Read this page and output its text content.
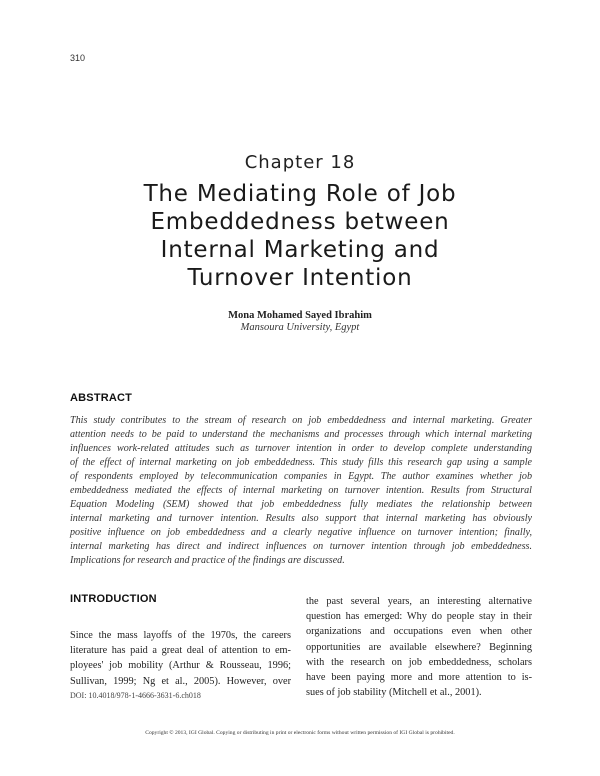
310
Chapter 18
The Mediating Role of Job
Embeddedness between
Internal Marketing and
Turnover Intention
Mona Mohamed Sayed Ibrahim
Mansoura University, Egypt
ABSTRACT
This study contributes to the stream of research on job embeddedness and internal marketing. Greater
attention needs to be paid to understand the mechanisms and processes through which internal marketing
influences work-related attitudes such as turnover intention in order to develop complete understanding
of the effect of internal marketing on job embeddedness. This study fills this research gap using a sample
of respondents employed by telecommunication companies in Egypt. The author examines whether job
embeddedness mediated the effects of internal marketing on turnover intention. Results from Structural
Equation Modeling (SEM) showed that job embeddedness fully mediates the relationship between
internal marketing and turnover intention. Results also support that internal marketing has obviously
positive influence on job embeddedness and a clearly negative influence on turnover intention; finally,
internal marketing has direct and indirect influences on turnover intention through job embeddedness.
Implications for research and practice of the findings are discussed.
INTRODUCTION
Since the mass layoffs of the 1970s, the careers
literature has paid a great deal of attention to em-
ployees' job mobility (Arthur & Rousseau, 1996;
Sullivan, 1999; Ng et al., 2005). However, over
the past several years, an interesting alternative
question has emerged: Why do people stay in their
organizations and occupations even when other
opportunities are available elsewhere? Beginning
with the research on job embeddedness, scholars
have been paying more and more attention to is-
sues of job stability (Mitchell et al., 2001).
DOI: 10.4018/978-1-4666-3631-6.ch018
Copyright © 2013, IGI Global. Copying or distributing in print or electronic forms without written permission of IGI Global is prohibited.
